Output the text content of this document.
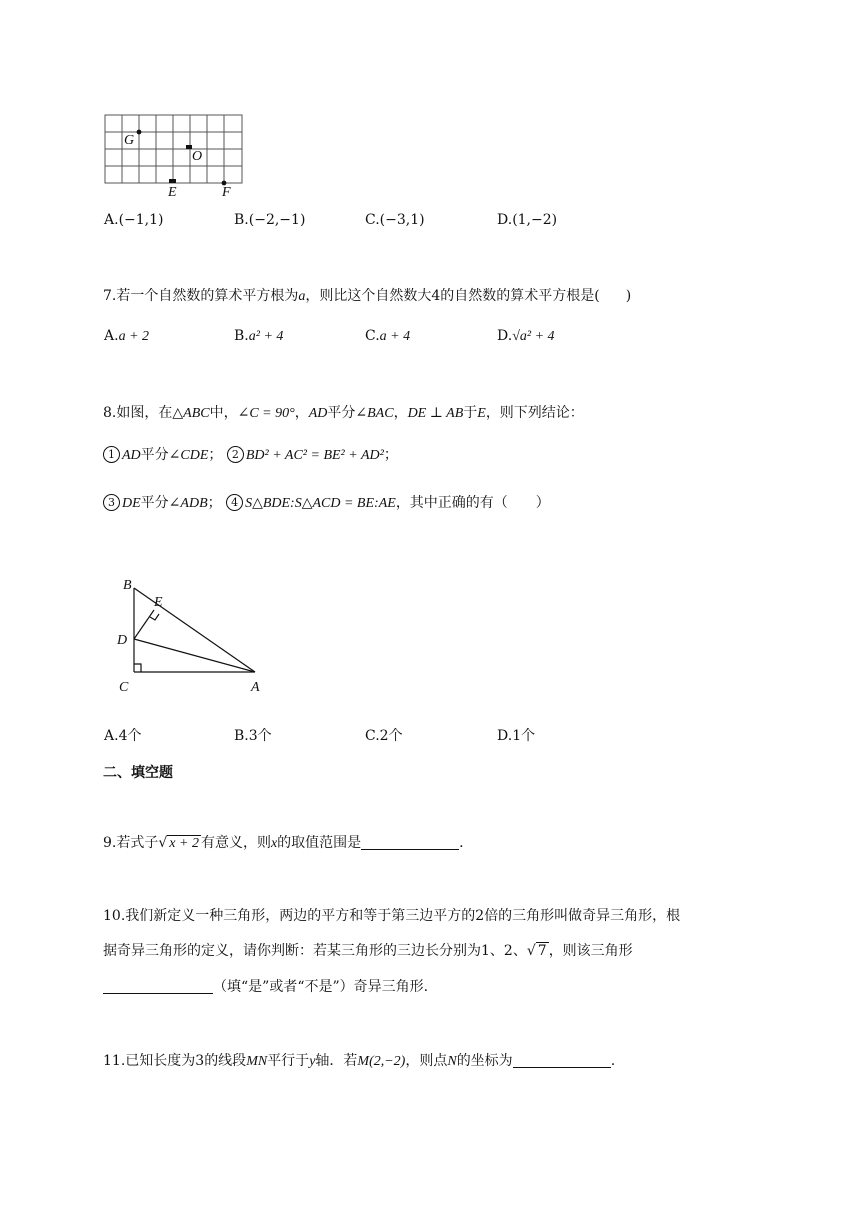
G
O
E	F
A.(−1,1)	B.(−2,−1)	C.(−3,1)	D.(1,−2)
7.若一个自然数的算术平方根为a，则比这个自然数大4的自然数的算术平方根是( )
A.a + 2	B.a² + 4	C.a + 4	D.√a² + 4
8.如图，在△ABC中，∠C = 90°，AD平分∠BAC，DE ⊥ AB于E，则下列结论：
1 AD平分∠CDE； 2 BD² + AC² = BE² + AD²；
3 DE平分∠ADB； 4 S△BDE:S△ACD = BE:AE，其中正确的有（　　）
B
E
D
C	A
A.4个	B.3个	C.2个	D.1个
二、填空题
9.若式子√ x + 2 有意义，则x的取值范围是	.
10.我们新定义一种三角形，两边的平方和等于第三边平方的2倍的三角形叫做奇异三角形，根
据奇异三角形的定义，请你判断：若某三角形的三边长分别为1、2、√ 7 ，则该三角形
（填“是”或者“不是”）奇异三角形.
11.已知长度为3的线段MN平行于y轴．若M(2,−2)，则点N的坐标为	.
